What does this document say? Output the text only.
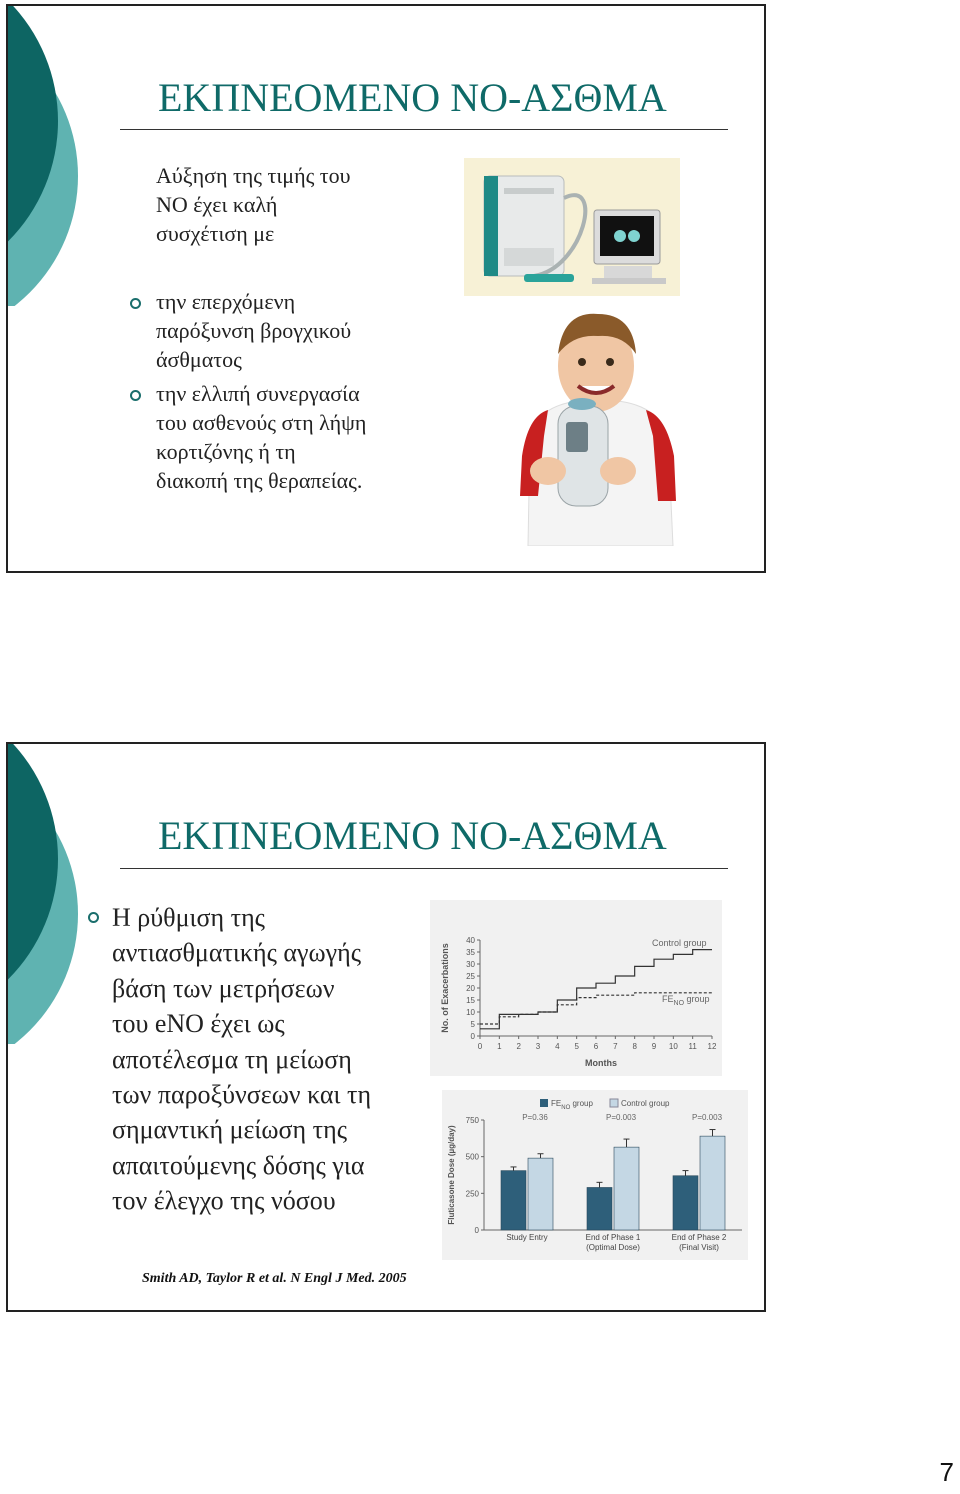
ΕΚΠΝΕΟΜΕΝΟ ΝΟ-ΑΣΘΜΑ
Αύξηση της τιμής του
ΝΟ έχει καλή
συσχέτιση με
την επερχόμενη
παρόξυνση βρογχικού
άσθματος
την ελλιπή συνεργασία
του ασθενούς στη λήψη
κορτιζόνης ή τη
διακοπή της θεραπείας.
ΕΚΠΝΕΟΜΕΝΟ ΝΟ-ΑΣΘΜΑ
Η ρύθμιση της
αντιασθματικής αγωγής
βάση των μετρήσεων
του eNO έχει ως
αποτέλεσμα τη μείωση
των παροξύνσεων και τη
σημαντική μείωση της
απαιτούμενης δόσης για
τον έλεγχο της νόσου
0
5
10
15
20
25
30
35
40
0 1 2 3 4 5 6 7 8 9 10 11 12
Months
No. of Exacerbations
Control group
$FE_{NO}$ group
0
250
500
750
Fluticasone Dose (µg/day)
P=0.36
Study Entry
P=0.003
End of Phase 1
(Optimal Dose)
P=0.003
End of Phase 2
(Final Visit)
$FE_{NO}$ group	Control group
Smith AD, Taylor R et al. N Engl J Med. 2005
7
